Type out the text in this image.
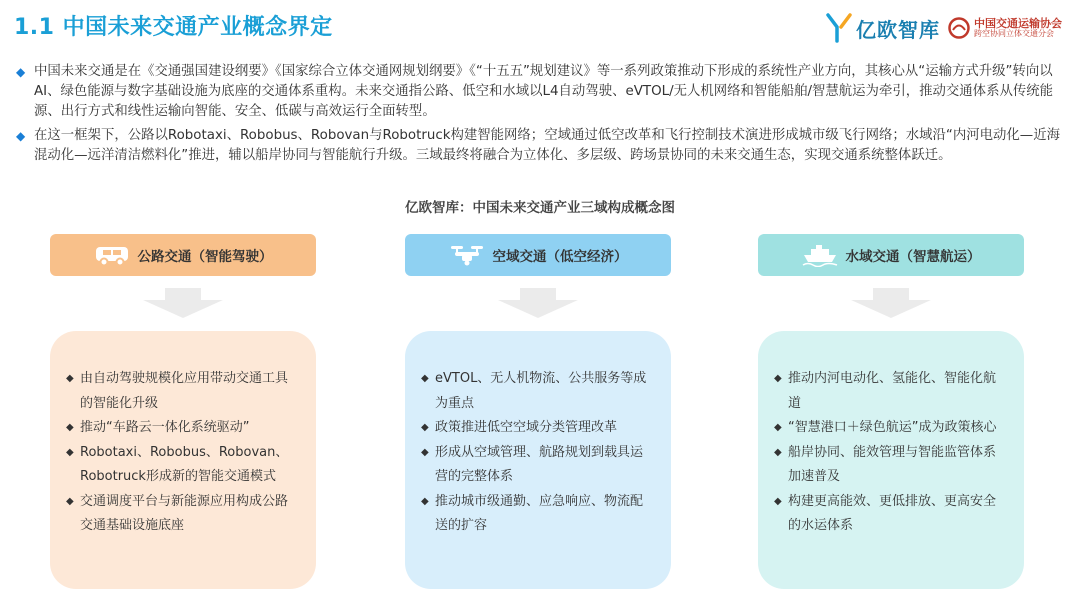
1.1 中国未来交通产业概念界定	亿欧智库	中国交通运输协会
跨空协同立体交通分会
◆ 中国未来交通是在《交通强国建设纲要》《国家综合立体交通网规划纲要》《“十五五”规划建议》等一系列政策推动下形成的系统性产业方向，其核心从“运输方式升级”转向以AI、绿色能源与数字基础设施为底座的交通体系重构。未来交通指公路、低空和水域以L4自动驾驶、eVTOL/无人机网络和智能船舶/智慧航运为牵引，推动交通体系从传统能源、出行方式和线性运输向智能、安全、低碳与高效运行全面转型。
◆ 在这一框架下，公路以Robotaxi、Robobus、Robovan与Robotruck构建智能网络；空域通过低空改革和飞行控制技术演进形成城市级飞行网络；水域沿“内河电动化—近海混动化—远洋清洁燃料化”推进，辅以船岸协同与智能航行升级。三域最终将融合为立体化、多层级、跨场景协同的未来交通生态，实现交通系统整体跃迁。
亿欧智库：中国未来交通产业三域构成概念图
公路交通（智能驾驶）
◆ 由自动驾驶规模化应用带动交通工具的智能化升级
◆ 推动“车路云一体化系统驱动”
◆ Robotaxi、Robobus、Robovan、Robotruck形成新的智能交通模式
◆ 交通调度平台与新能源应用构成公路交通基础设施底座
空域交通（低空经济）
◆ eVTOL、无人机物流、公共服务等成为重点
◆ 政策推进低空空域分类管理改革
◆ 形成从空域管理、航路规划到载具运营的完整体系
◆ 推动城市级通勤、应急响应、物流配送的扩容
水域交通（智慧航运）
◆ 推动内河电动化、氢能化、智能化航道
◆ “智慧港口＋绿色航运”成为政策核心
◆ 船岸协同、能效管理与智能监管体系加速普及
◆ 构建更高能效、更低排放、更高安全的水运体系
